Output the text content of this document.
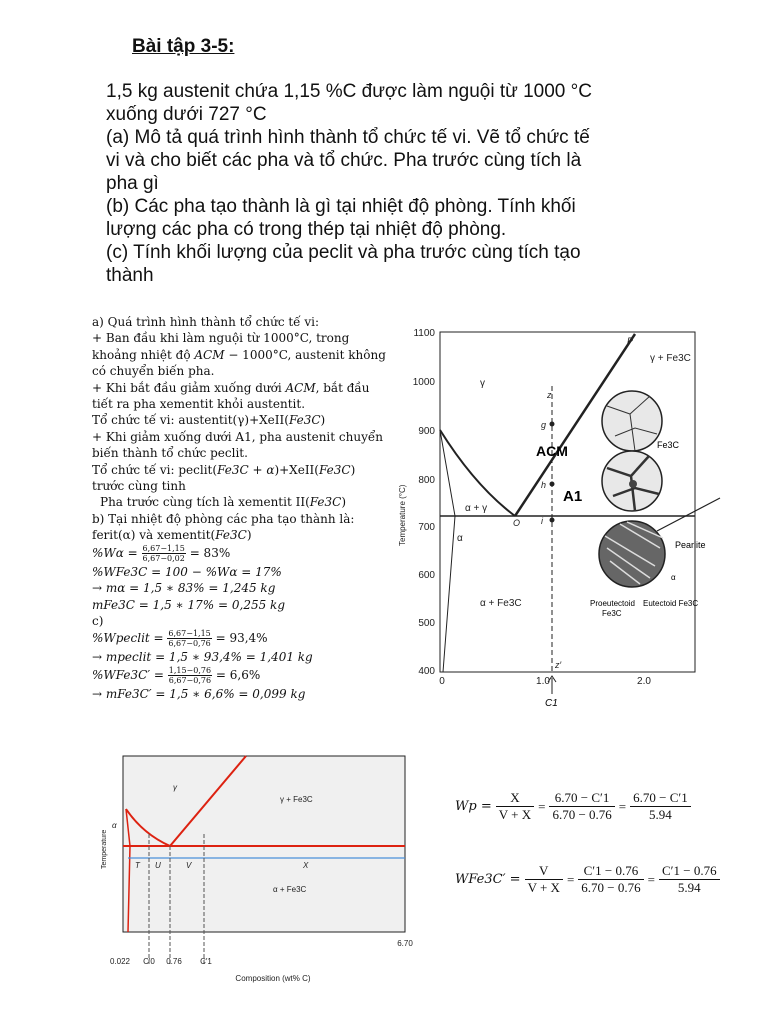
Bài tập 3-5:
1,5 kg austenit chứa 1,15 %C được làm nguội từ 1000 °C
xuống dưới 727 °C
(a) Mô tả quá trình hình thành tổ chức tế vi. Vẽ tổ chức tế
vi và cho biết các pha và tổ chức. Pha trước cùng tích là
pha gì
(b) Các pha tạo thành là gì tại nhiệt độ phòng. Tính khối
lượng các pha có trong thép tại nhiệt độ phòng.
(c) Tính khối lượng của peclit và pha trước cùng tích tạo
thành
a) Quá trình hình thành tổ chức tế vi:
+ Ban đầu khi làm nguội từ 1000°C, trong
khoảng nhiệt độ ACM − 1000°C, austenit không
có chuyển biến pha.
+ Khi bắt đầu giảm xuống dưới ACM, bắt đầu
tiết ra pha xementit khỏi austentit.
Tổ chức tế vi: austentit(γ)+XeII(Fe3C)
+ Khi giảm xuống dưới A1, pha austenit chuyển
biến thành tổ chức peclit.
Tổ chức tế vi: peclit(Fe3C + α)+XeII(Fe3C)
trước cùng tinh
Pha trước cùng tích là xementit II(Fe3C)
b) Tại nhiệt độ phòng các pha tạo thành là:
ferit(α) và xementit(Fe3C)
$\%W\alpha = \frac{6,67-1,15}{6,67-0,02} = 83\%$
%WFe3C = 100 − %Wα = 17%
→ mα = 1,5 ∗ 83% = 1,245 kg
mFe3C = 1,5 ∗ 17% = 0,255 kg
c)
%Wpeclit = $\frac{6,67-1,15}{6,67-0,76} = 93,4\%$
→ mpeclit = 1,5 ∗ 93,4% = 1,401 kg
$\%WFe3C' = \frac{1,15-0,76}{6,67-0,76} = 6,6\%$
→ mFe3C′ = 1,5 ∗ 6,6% = 0,099 kg
1100
1000
900
800
700
600
500
400
Temperature (°C)
0	1.0	2.0
P
z
g
h
i
O
z′
γ
γ + Fe3C
α + γ
α
α + Fe3C
ACM
A1
C1
Fe3C
Pearlite
Proeutectoid
Fe3C
Eutectoid Fe3C
α
Temperature
γ
γ + Fe3C
α
α + Fe3C
T U	V	X
0.022 C′0 0.76 C′1
6.70
Composition (wt% C)
$Wp = \frac{X}{V + X}$ =
6.70 − C′1
6.70 − 0.76
=
6.70 − C′1
5.94
$WFe3C' = \frac{V}{V + X}$ =
C′1 − 0.76
6.70 − 0.76
=
C′1 − 0.76
5.94
